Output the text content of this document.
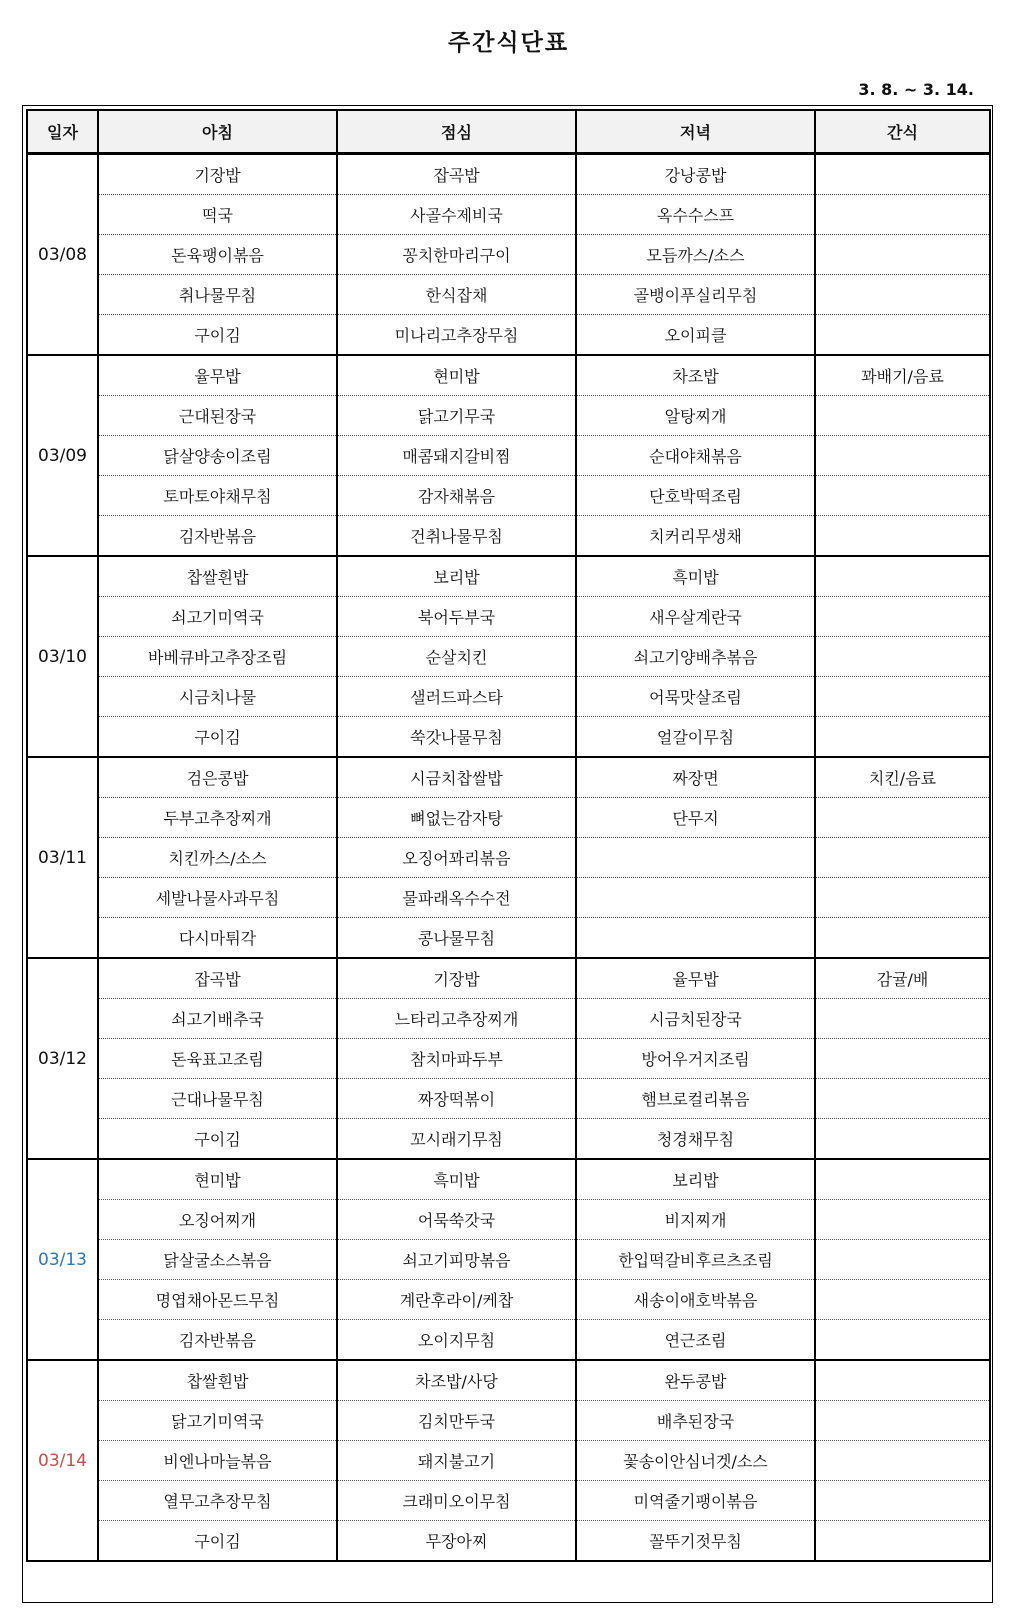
주간식단표
3. 8. ~ 3. 14.
일자	아침	점심	저녁	간식
03/08	기장밥	잡곡밥	강낭콩밥	
	떡국	사골수제비국	옥수수스프	
	돈육팽이볶음	꽁치한마리구이	모듬까스/소스	
	취나물무침	한식잡채	골뱅이푸실리무침	
	구이김	미나리고추장무침	오이피클	
03/09	율무밥	현미밥	차조밥	꽈배기/음료
	근대된장국	닭고기무국	알탕찌개	
	닭살양송이조림	매콤돼지갈비찜	순대야채볶음	
	토마토야채무침	감자채볶음	단호박떡조림	
	김자반볶음	건취나물무침	치커리무생채	
03/10	찹쌀흰밥	보리밥	흑미밥	
	쇠고기미역국	북어두부국	새우살계란국	
	바베큐바고추장조림	순살치킨	쇠고기양배추볶음	
	시금치나물	샐러드파스타	어묵맛살조림	
	구이김	쑥갓나물무침	얼갈이무침	
03/11	검은콩밥	시금치찹쌀밥	짜장면	치킨/음료
	두부고추장찌개	뼈없는감자탕	단무지	
	치킨까스/소스	오징어꽈리볶음		
	세발나물사과무침	물파래옥수수전		
	다시마튀각	콩나물무침		
03/12	잡곡밥	기장밥	율무밥	감귤/배
	쇠고기배추국	느타리고추장찌개	시금치된장국	
	돈육표고조림	참치마파두부	방어우거지조림	
	근대나물무침	짜장떡볶이	햄브로컬리볶음	
	구이김	꼬시래기무침	청경채무침	
03/13	현미밥	흑미밥	보리밥	
	오징어찌개	어묵쑥갓국	비지찌개	
	닭살굴소스볶음	쇠고기피망볶음	한입떡갈비후르츠조림	
	명엽채아몬드무침	계란후라이/케찹	새송이애호박볶음	
	김자반볶음	오이지무침	연근조림	
03/14	찹쌀흰밥	차조밥/사당	완두콩밥	
	닭고기미역국	김치만두국	배추된장국	
	비엔나마늘볶음	돼지불고기	꽃송이안심너겟/소스	
	열무고추장무침	크래미오이무침	미역줄기팽이볶음	
	구이김	무장아찌	꼴뚜기젓무침	
